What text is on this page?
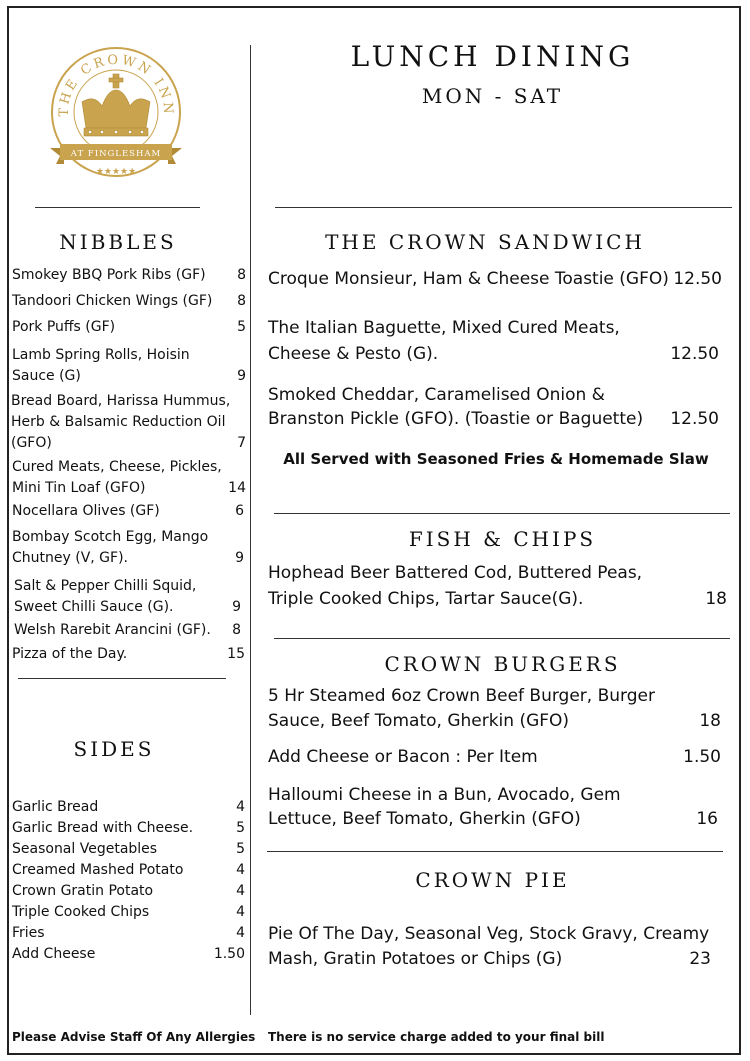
THE CROWN INN
AT FINGLESHAM
★★★★★
LUNCH DINING
MON - SAT
NIBBLES
Smokey BBQ Pork Ribs (GF)	8
Tandoori Chicken Wings (GF)	8
Pork Puffs (GF)	5
Lamb Spring Rolls, Hoisin
Sauce (G)	9
Bread Board, Harissa Hummus,
Herb & Balsamic Reduction Oil
(GFO)	7
Cured Meats, Cheese, Pickles,
Mini Tin Loaf (GFO)	14
Nocellara Olives (GF)	6
Bombay Scotch Egg, Mango
Chutney (V, GF).	9
Salt & Pepper Chilli Squid,
Sweet Chilli Sauce (G).	9
Welsh Rarebit Arancini (GF).	8
Pizza of the Day.	15
SIDES
Garlic Bread	4
Garlic Bread with Cheese.	5
Seasonal Vegetables	5
Creamed Mashed Potato	4
Crown Gratin Potato	4
Triple Cooked Chips	4
Fries	4
Add Cheese	1.50
THE CROWN SANDWICH
Croque Monsieur, Ham & Cheese Toastie (GFO) 12.50
The Italian Baguette, Mixed Cured Meats,
Cheese & Pesto (G).	12.50
Smoked Cheddar, Caramelised Onion &
Branston Pickle (GFO). (Toastie or Baguette)	12.50
All Served with Seasoned Fries & Homemade Slaw
FISH & CHIPS
Hophead Beer Battered Cod, Buttered Peas,
Triple Cooked Chips, Tartar Sauce(G).	18
CROWN BURGERS
5 Hr Steamed 6oz Crown Beef Burger, Burger
Sauce, Beef Tomato, Gherkin (GFO)	18
Add Cheese or Bacon : Per Item	1.50
Halloumi Cheese in a Bun, Avocado, Gem
Lettuce, Beef Tomato, Gherkin (GFO)	16
CROWN PIE
Pie Of The Day, Seasonal Veg, Stock Gravy, Creamy
Mash, Gratin Potatoes or Chips (G)	23
Please Advise Staff Of Any Allergies There is no service charge added to your final bill
